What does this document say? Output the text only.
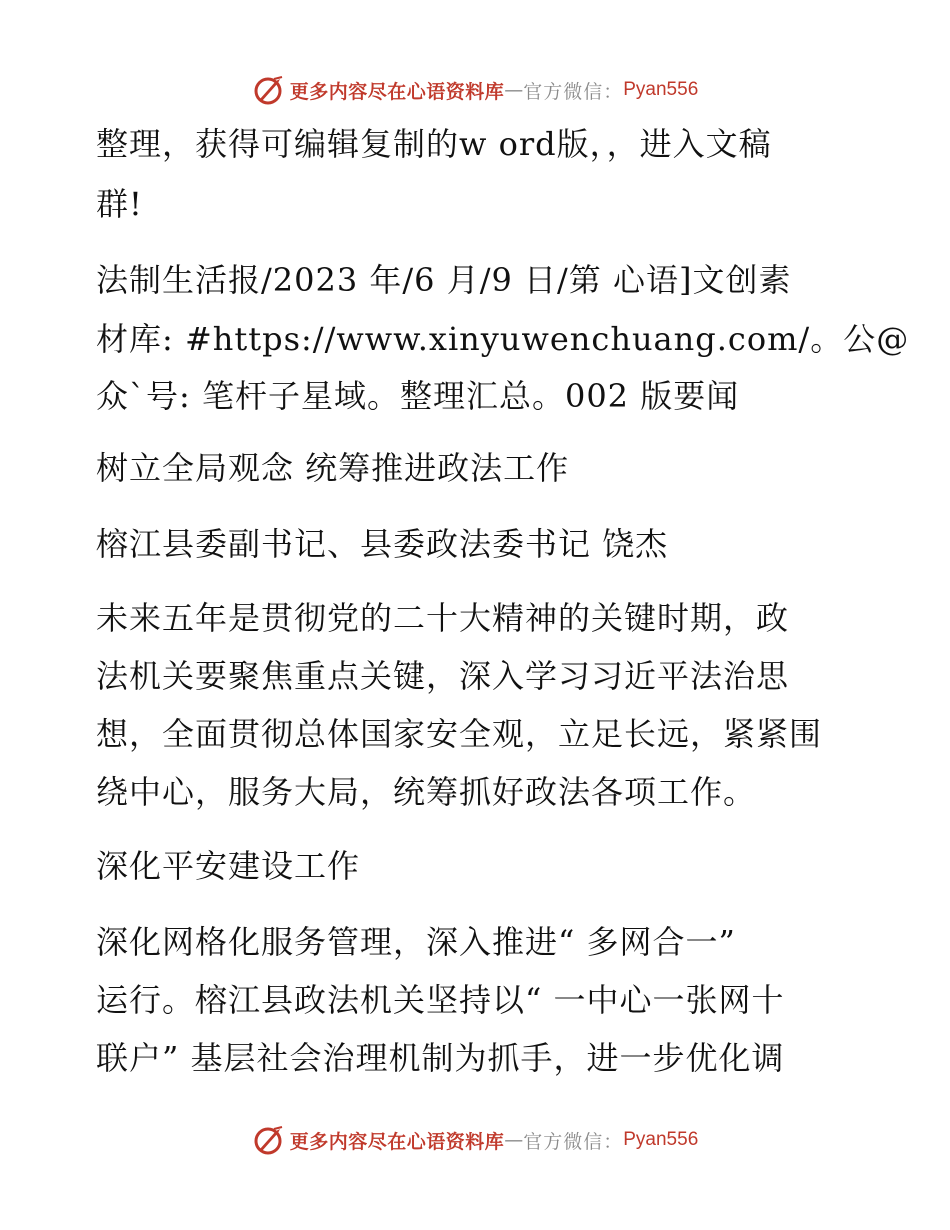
更多内容尽在心语资料库 — 官方微信： Pyan556
整理，获得可编辑复制的w ord版，，进入文稿
群!
法制生活报/2023 年/6 月/9 日/第 心语]文创素
材库: #https://www.xinyuwenchuang.com/。公@
众`号: 笔杆子星域。整理汇总。002 版要闻
树立全局观念 统筹推进政法工作
榕江县委副书记、县委政法委书记 饶杰
未来五年是贯彻党的二十大精神的关键时期，政
法机关要聚焦重点关键，深入学习习近平法治思
想，全面贯彻总体国家安全观，立足长远，紧紧围
绕中心，服务大局，统筹抓好政法各项工作。
深化平安建设工作
深化网格化服务管理，深入推进“ 多网合一”
运行。榕江县政法机关坚持以“ 一中心一张网十
联户” 基层社会治理机制为抓手，进一步优化调
更多内容尽在心语资料库 — 官方微信： Pyan556
